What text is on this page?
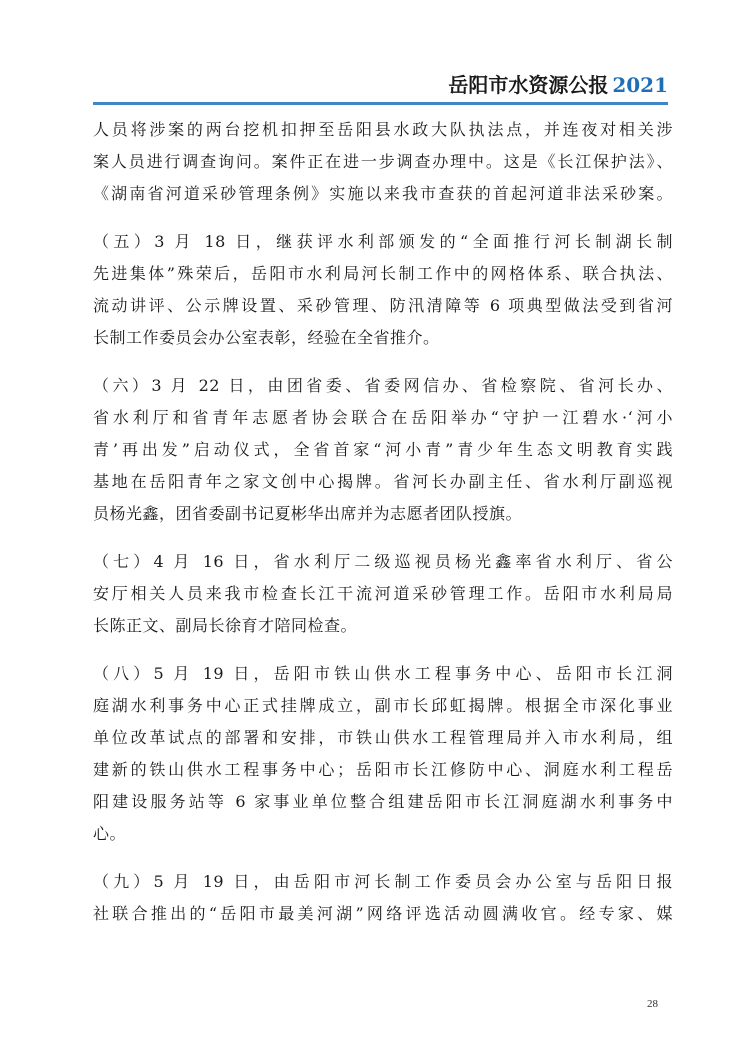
岳阳市水资源公报 2021

人员将涉案的两台挖机扣押至岳阳县水政大队执法点，并连夜对相关涉
案人员进行调查询问。案件正在进一步调查办理中。这是《长江保护法》、
《湖南省河道采砂管理条例》实施以来我市查获的首起河道非法采砂案。

（五）3 月 18 日，继获评水利部颁发的“全面推行河长制湖长制
先进集体”殊荣后，岳阳市水利局河长制工作中的网格体系、联合执法、
流动讲评、公示牌设置、采砂管理、防汛清障等 6 项典型做法受到省河
长制工作委员会办公室表彰，经验在全省推介。

（六）3 月 22 日，由团省委、省委网信办、省检察院、省河长办、
省水利厅和省青年志愿者协会联合在岳阳举办“守护一江碧水·‘河小
青’再出发”启动仪式，全省首家“河小青”青少年生态文明教育实践
基地在岳阳青年之家文创中心揭牌。省河长办副主任、省水利厅副巡视
员杨光鑫，团省委副书记夏彬华出席并为志愿者团队授旗。

（七）4 月 16 日，省水利厅二级巡视员杨光鑫率省水利厅、省公
安厅相关人员来我市检查长江干流河道采砂管理工作。岳阳市水利局局
长陈正文、副局长徐育才陪同检查。

（八）5 月 19 日，岳阳市铁山供水工程事务中心、岳阳市长江洞
庭湖水利事务中心正式挂牌成立，副市长邱虹揭牌。根据全市深化事业
单位改革试点的部署和安排，市铁山供水工程管理局并入市水利局，组
建新的铁山供水工程事务中心；岳阳市长江修防中心、洞庭水利工程岳
阳建设服务站等 6 家事业单位整合组建岳阳市长江洞庭湖水利事务中
心。

（九）5 月 19 日，由岳阳市河长制工作委员会办公室与岳阳日报
社联合推出的“岳阳市最美河湖”网络评选活动圆满收官。经专家、媒

28
